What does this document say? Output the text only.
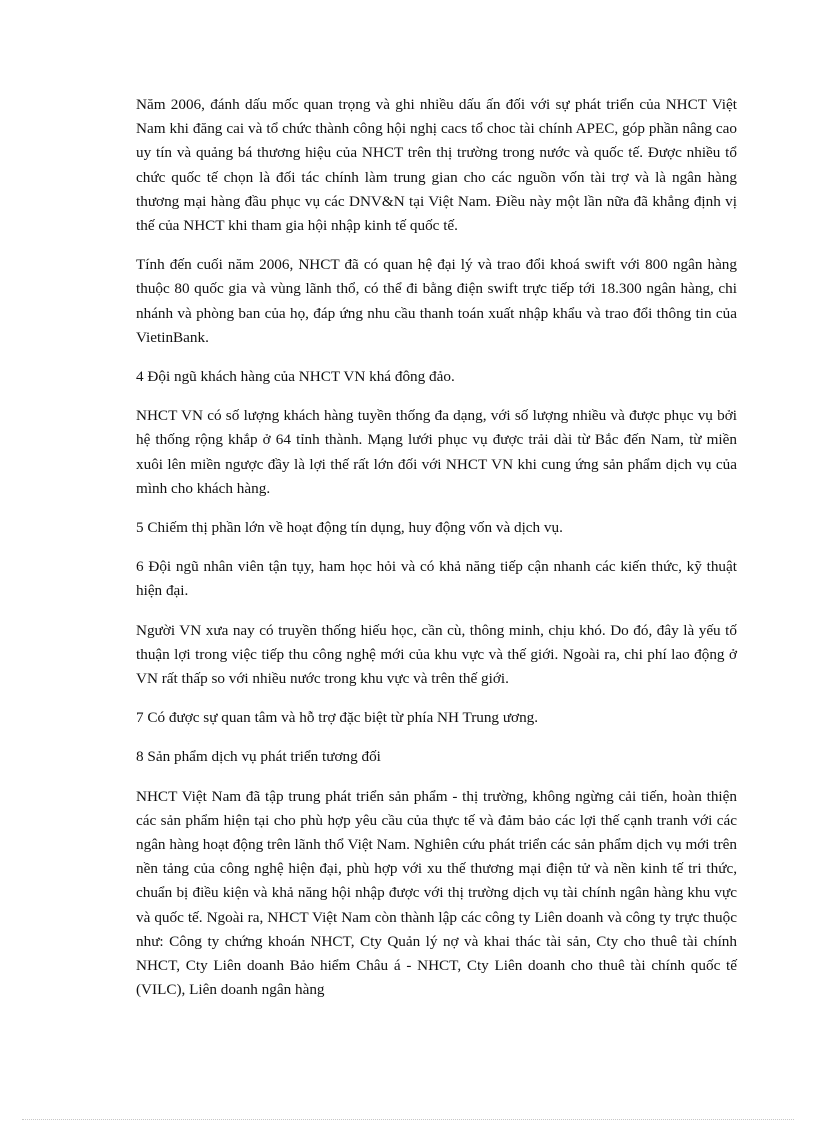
Năm 2006, đánh dấu mốc quan trọng và ghi nhiều dấu ấn đối với sự phát triển của NHCT Việt Nam khi đăng cai và tổ chức thành công hội nghị cacs tổ choc tài chính APEC, góp phần nâng cao uy tín và quảng bá thương hiệu của NHCT trên thị trường trong nước và quốc tế. Được nhiều tổ chức quốc tế chọn là đối tác chính làm trung gian cho các nguồn vốn tài trợ và là ngân hàng thương mại hàng đầu phục vụ các DNV&N tại Việt Nam. Điều này một lần nữa đã khẳng định vị thế của NHCT khi tham gia hội nhập kinh tế quốc tế.

Tính đến cuối năm 2006, NHCT đã có quan hệ đại lý và trao đổi khoá swift với 800 ngân hàng thuộc 80 quốc gia và vùng lãnh thổ, có thể đi bằng điện swift trực tiếp tới 18.300 ngân hàng, chi nhánh và phòng ban của họ, đáp ứng nhu cầu thanh toán xuất nhập khẩu và trao đổi thông tin của VietinBank.

4 Đội ngũ khách hàng của NHCT VN khá đông đảo.

NHCT VN có số lượng khách hàng tuyền thống đa dạng, với số lượng nhiều và được phục vụ bởi hệ thống rộng khắp ở 64 tỉnh thành. Mạng lưới phục vụ được trải dài từ Bắc đến Nam, từ miền xuôi lên miền ngược đầy là lợi thế rất lớn đối với NHCT VN khi cung ứng sản phẩm dịch vụ của mình cho khách hàng.

5 Chiếm thị phần lớn về hoạt động tín dụng, huy động vốn và dịch vụ.

6 Đội ngũ nhân viên tận tụy, ham học hỏi và có khả năng tiếp cận nhanh các kiến thức, kỹ thuật hiện đại.

Người VN xưa nay có truyền thống hiếu học, cần cù, thông minh, chịu khó. Do đó, đây là yếu tố thuận lợi trong việc tiếp thu công nghệ mới của khu vực và thế giới. Ngoài ra, chi phí lao động ở VN rất thấp so với nhiều nước trong khu vực và trên thế giới.

7 Có được sự quan tâm và hỗ trợ đặc biệt từ phía NH Trung ương.

8 Sản phẩm dịch vụ phát triển tương đối

NHCT Việt Nam đã tập trung phát triển sản phẩm - thị trường, không ngừng cải tiến, hoàn thiện các sản phẩm hiện tại cho phù hợp yêu cầu của thực tế và đảm bảo các lợi thế cạnh tranh với các ngân hàng hoạt động trên lãnh thổ Việt Nam. Nghiên cứu phát triển các sản phẩm dịch vụ mới trên nền tảng của công nghệ hiện đại, phù hợp với xu thế thương mại điện tử và nền kinh tế tri thức, chuẩn bị điều kiện và khả năng hội nhập được với thị trường dịch vụ tài chính ngân hàng khu vực và quốc tế. Ngoài ra, NHCT Việt Nam còn thành lập các công ty Liên doanh và công ty trực thuộc như: Công ty chứng khoán NHCT, Cty Quản lý nợ và khai thác tài sản, Cty cho thuê tài chính NHCT, Cty Liên doanh Bảo hiểm Châu á - NHCT, Cty Liên doanh cho thuê tài chính quốc tế (VILC), Liên doanh ngân hàng
